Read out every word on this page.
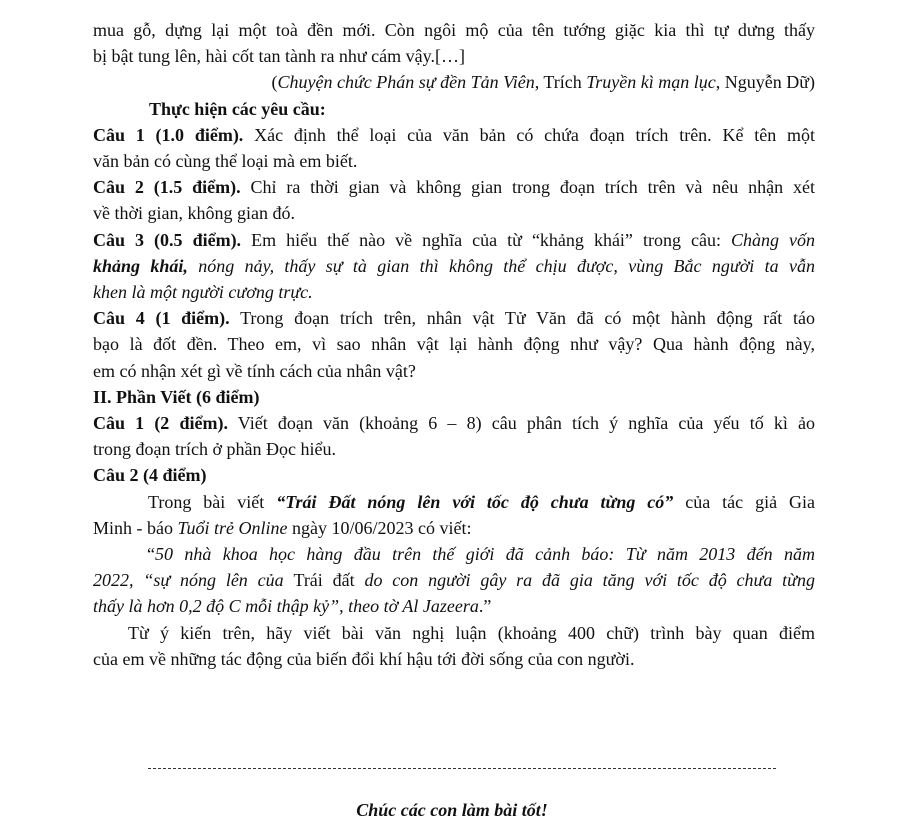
mua gỗ, dựng lại một toà đền mới. Còn ngôi mộ của tên tướng giặc kia thì tự dưng thấy
bị bật tung lên, hài cốt tan tành ra như cám vậy.[…]

(Chuyện chức Phán sự đền Tản Viên, Trích Truyền kì mạn lục, Nguyễn Dữ)

Thực hiện các yêu cầu:

Câu 1 (1.0 điểm). Xác định thể loại của văn bản có chứa đoạn trích trên. Kể tên một
văn bản có cùng thể loại mà em biết.

Câu 2 (1.5 điểm). Chỉ ra thời gian và không gian trong đoạn trích trên và nêu nhận xét
về thời gian, không gian đó.

Câu 3 (0.5 điểm). Em hiểu thế nào về nghĩa của từ “khảng khái” trong câu: Chàng vốn
khảng khái, nóng nảy, thấy sự tà gian thì không thể chịu được, vùng Bắc người ta vẫn
khen là một người cương trực.

Câu 4 (1 điểm). Trong đoạn trích trên, nhân vật Tử Văn đã có một hành động rất táo
bạo là đốt đền. Theo em, vì sao nhân vật lại hành động như vậy? Qua hành động này,
em có nhận xét gì về tính cách của nhân vật?

II. Phần Viết (6 điểm)

Câu 1 (2 điểm). Viết đoạn văn (khoảng 6 – 8) câu phân tích ý nghĩa của yếu tố kì ảo
trong đoạn trích ở phần Đọc hiểu.

Câu 2 (4 điểm)

Trong bài viết “Trái Đất nóng lên với tốc độ chưa từng có” của tác giả Gia
Minh - báo Tuổi trẻ Online ngày 10/06/2023 có viết:

“50 nhà khoa học hàng đầu trên thế giới đã cảnh báo: Từ năm 2013 đến năm
2022, “sự nóng lên của Trái đất do con người gây ra đã gia tăng với tốc độ chưa từng
thấy là hơn 0,2 độ C mỗi thập kỷ”, theo tờ Al Jazeera.”

Từ ý kiến trên, hãy viết bài văn nghị luận (khoảng 400 chữ) trình bày quan điểm
của em về những tác động của biến đổi khí hậu tới đời sống của con người.

Chúc các con làm bài tốt!
